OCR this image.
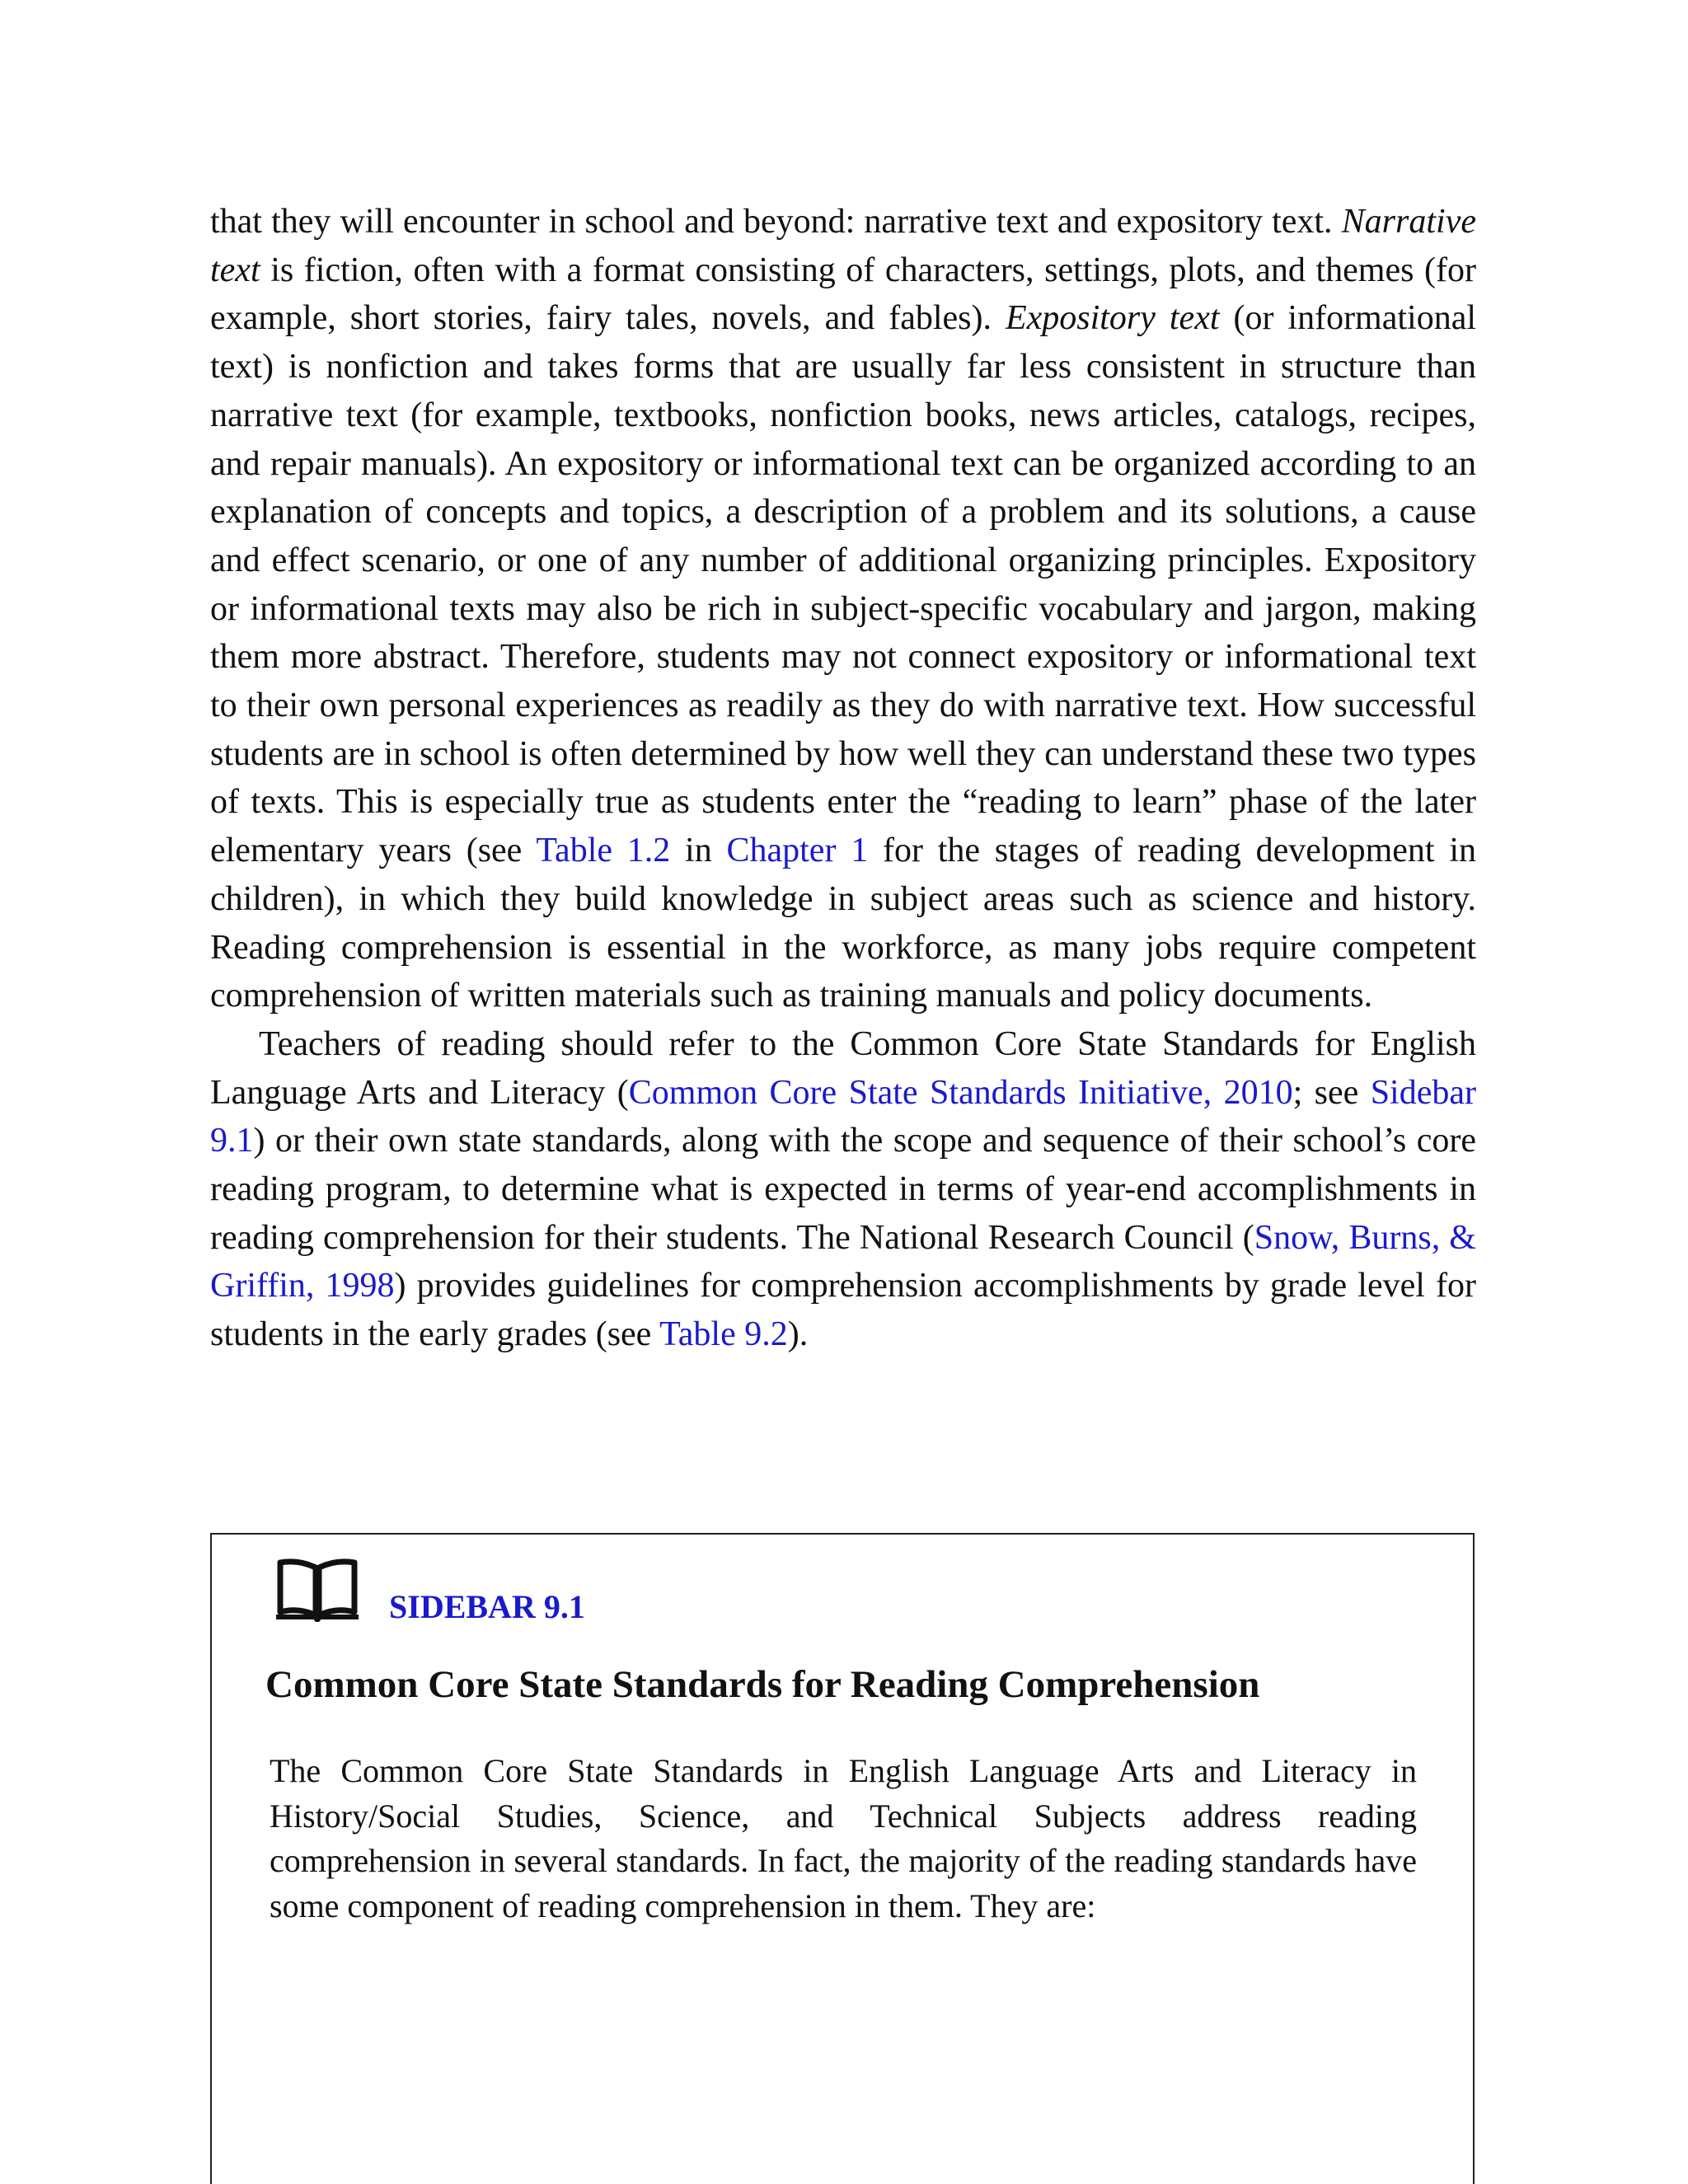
that they will encounter in school and beyond: narrative text and expository text. Narrative text is fiction, often with a format consisting of characters, settings, plots, and themes (for example, short stories, fairy tales, novels, and fables). Expository text (or informational text) is nonfiction and takes forms that are usually far less consistent in structure than narrative text (for example, textbooks, nonfiction books, news articles, catalogs, recipes, and repair manuals). An expository or informational text can be organized according to an explanation of concepts and topics, a description of a problem and its solutions, a cause and effect scenario, or one of any number of additional organizing principles. Expository or informational texts may also be rich in subject-specific vocabulary and jargon, making them more abstract. Therefore, students may not connect expository or informational text to their own personal experiences as readily as they do with narrative text. How successful students are in school is often determined by how well they can understand these two types of texts. This is especially true as students enter the “reading to learn” phase of the later elementary years (see Table 1.2 in Chapter 1 for the stages of reading development in children), in which they build knowledge in subject areas such as science and history. Reading comprehension is essential in the workforce, as many jobs require competent comprehension of written materials such as training manuals and policy documents.

Teachers of reading should refer to the Common Core State Standards for English Language Arts and Literacy (Common Core State Standards Initiative, 2010; see Sidebar 9.1) or their own state standards, along with the scope and sequence of their school’s core reading program, to determine what is expected in terms of year-end accomplishments in reading comprehension for their students. The National Research Council (Snow, Burns, & Griffin, 1998) provides guidelines for comprehension accomplishments by grade level for students in the early grades (see Table 9.2).

SIDEBAR 9.1

Common Core State Standards for Reading Comprehension

The Common Core State Standards in English Language Arts and Literacy in History/Social Studies, Science, and Technical Subjects address reading comprehension in several standards. In fact, the majority of the reading standards have some component of reading comprehension in them. They are:
